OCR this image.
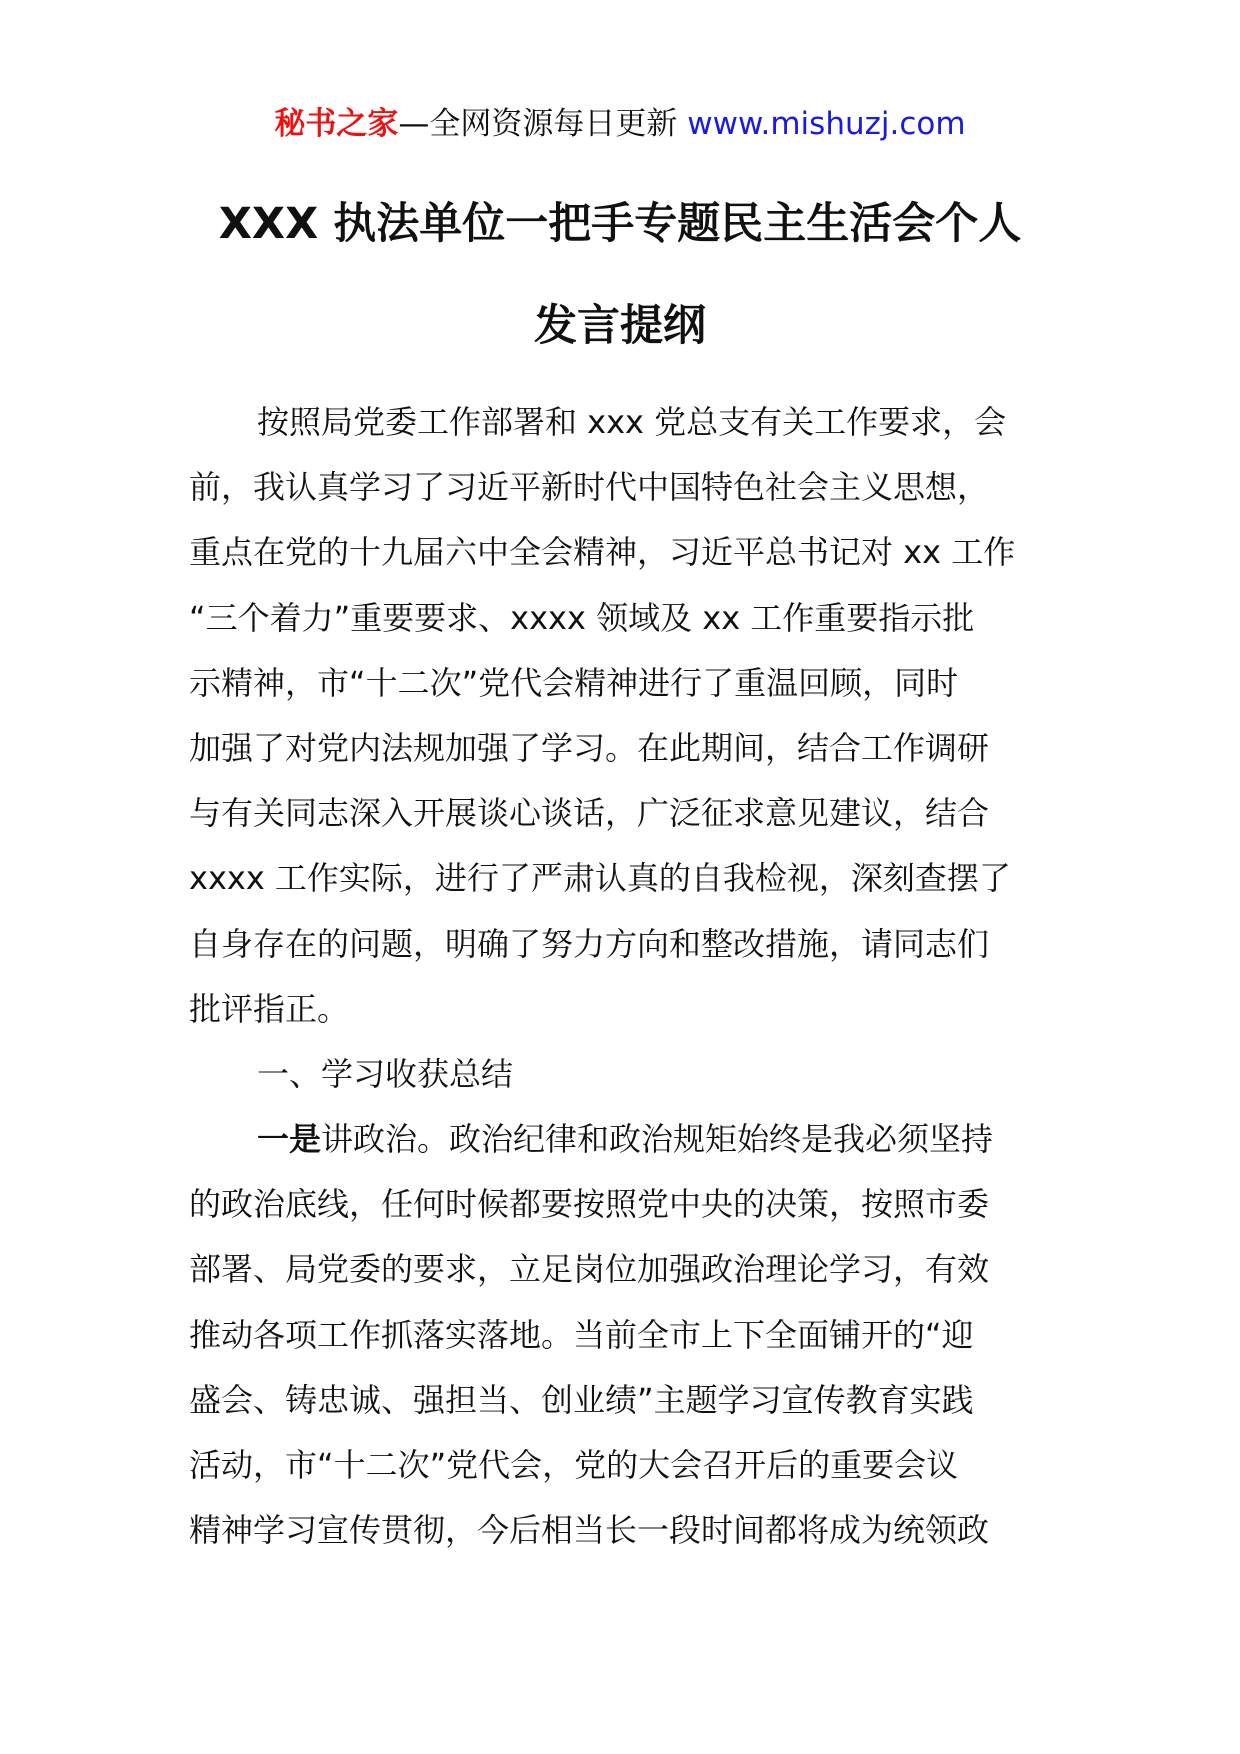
秘书之家—全网资源每日更新 www.mishuzj.com
XXX 执法单位一把手专题民主生活会个人
发言提纲
按照局党委工作部署和 xxx 党总支有关工作要求，会
前，我认真学习了习近平新时代中国特色社会主义思想，
重点在党的十九届六中全会精神，习近平总书记对 xx 工作
“三个着力”重要要求、xxxx 领域及 xx 工作重要指示批
示精神，市“十二次”党代会精神进行了重温回顾，同时
加强了对党内法规加强了学习。在此期间，结合工作调研
与有关同志深入开展谈心谈话，广泛征求意见建议，结合
xxxx 工作实际，进行了严肃认真的自我检视，深刻查摆了
自身存在的问题，明确了努力方向和整改措施，请同志们
批评指正。
一、学习收获总结
一是讲政治。政治纪律和政治规矩始终是我必须坚持
的政治底线，任何时候都要按照党中央的决策，按照市委
部署、局党委的要求，立足岗位加强政治理论学习，有效
推动各项工作抓落实落地。当前全市上下全面铺开的“迎
盛会、铸忠诚、强担当、创业绩”主题学习宣传教育实践
活动，市“十二次”党代会，党的大会召开后的重要会议
精神学习宣传贯彻，今后相当长一段时间都将成为统领政
